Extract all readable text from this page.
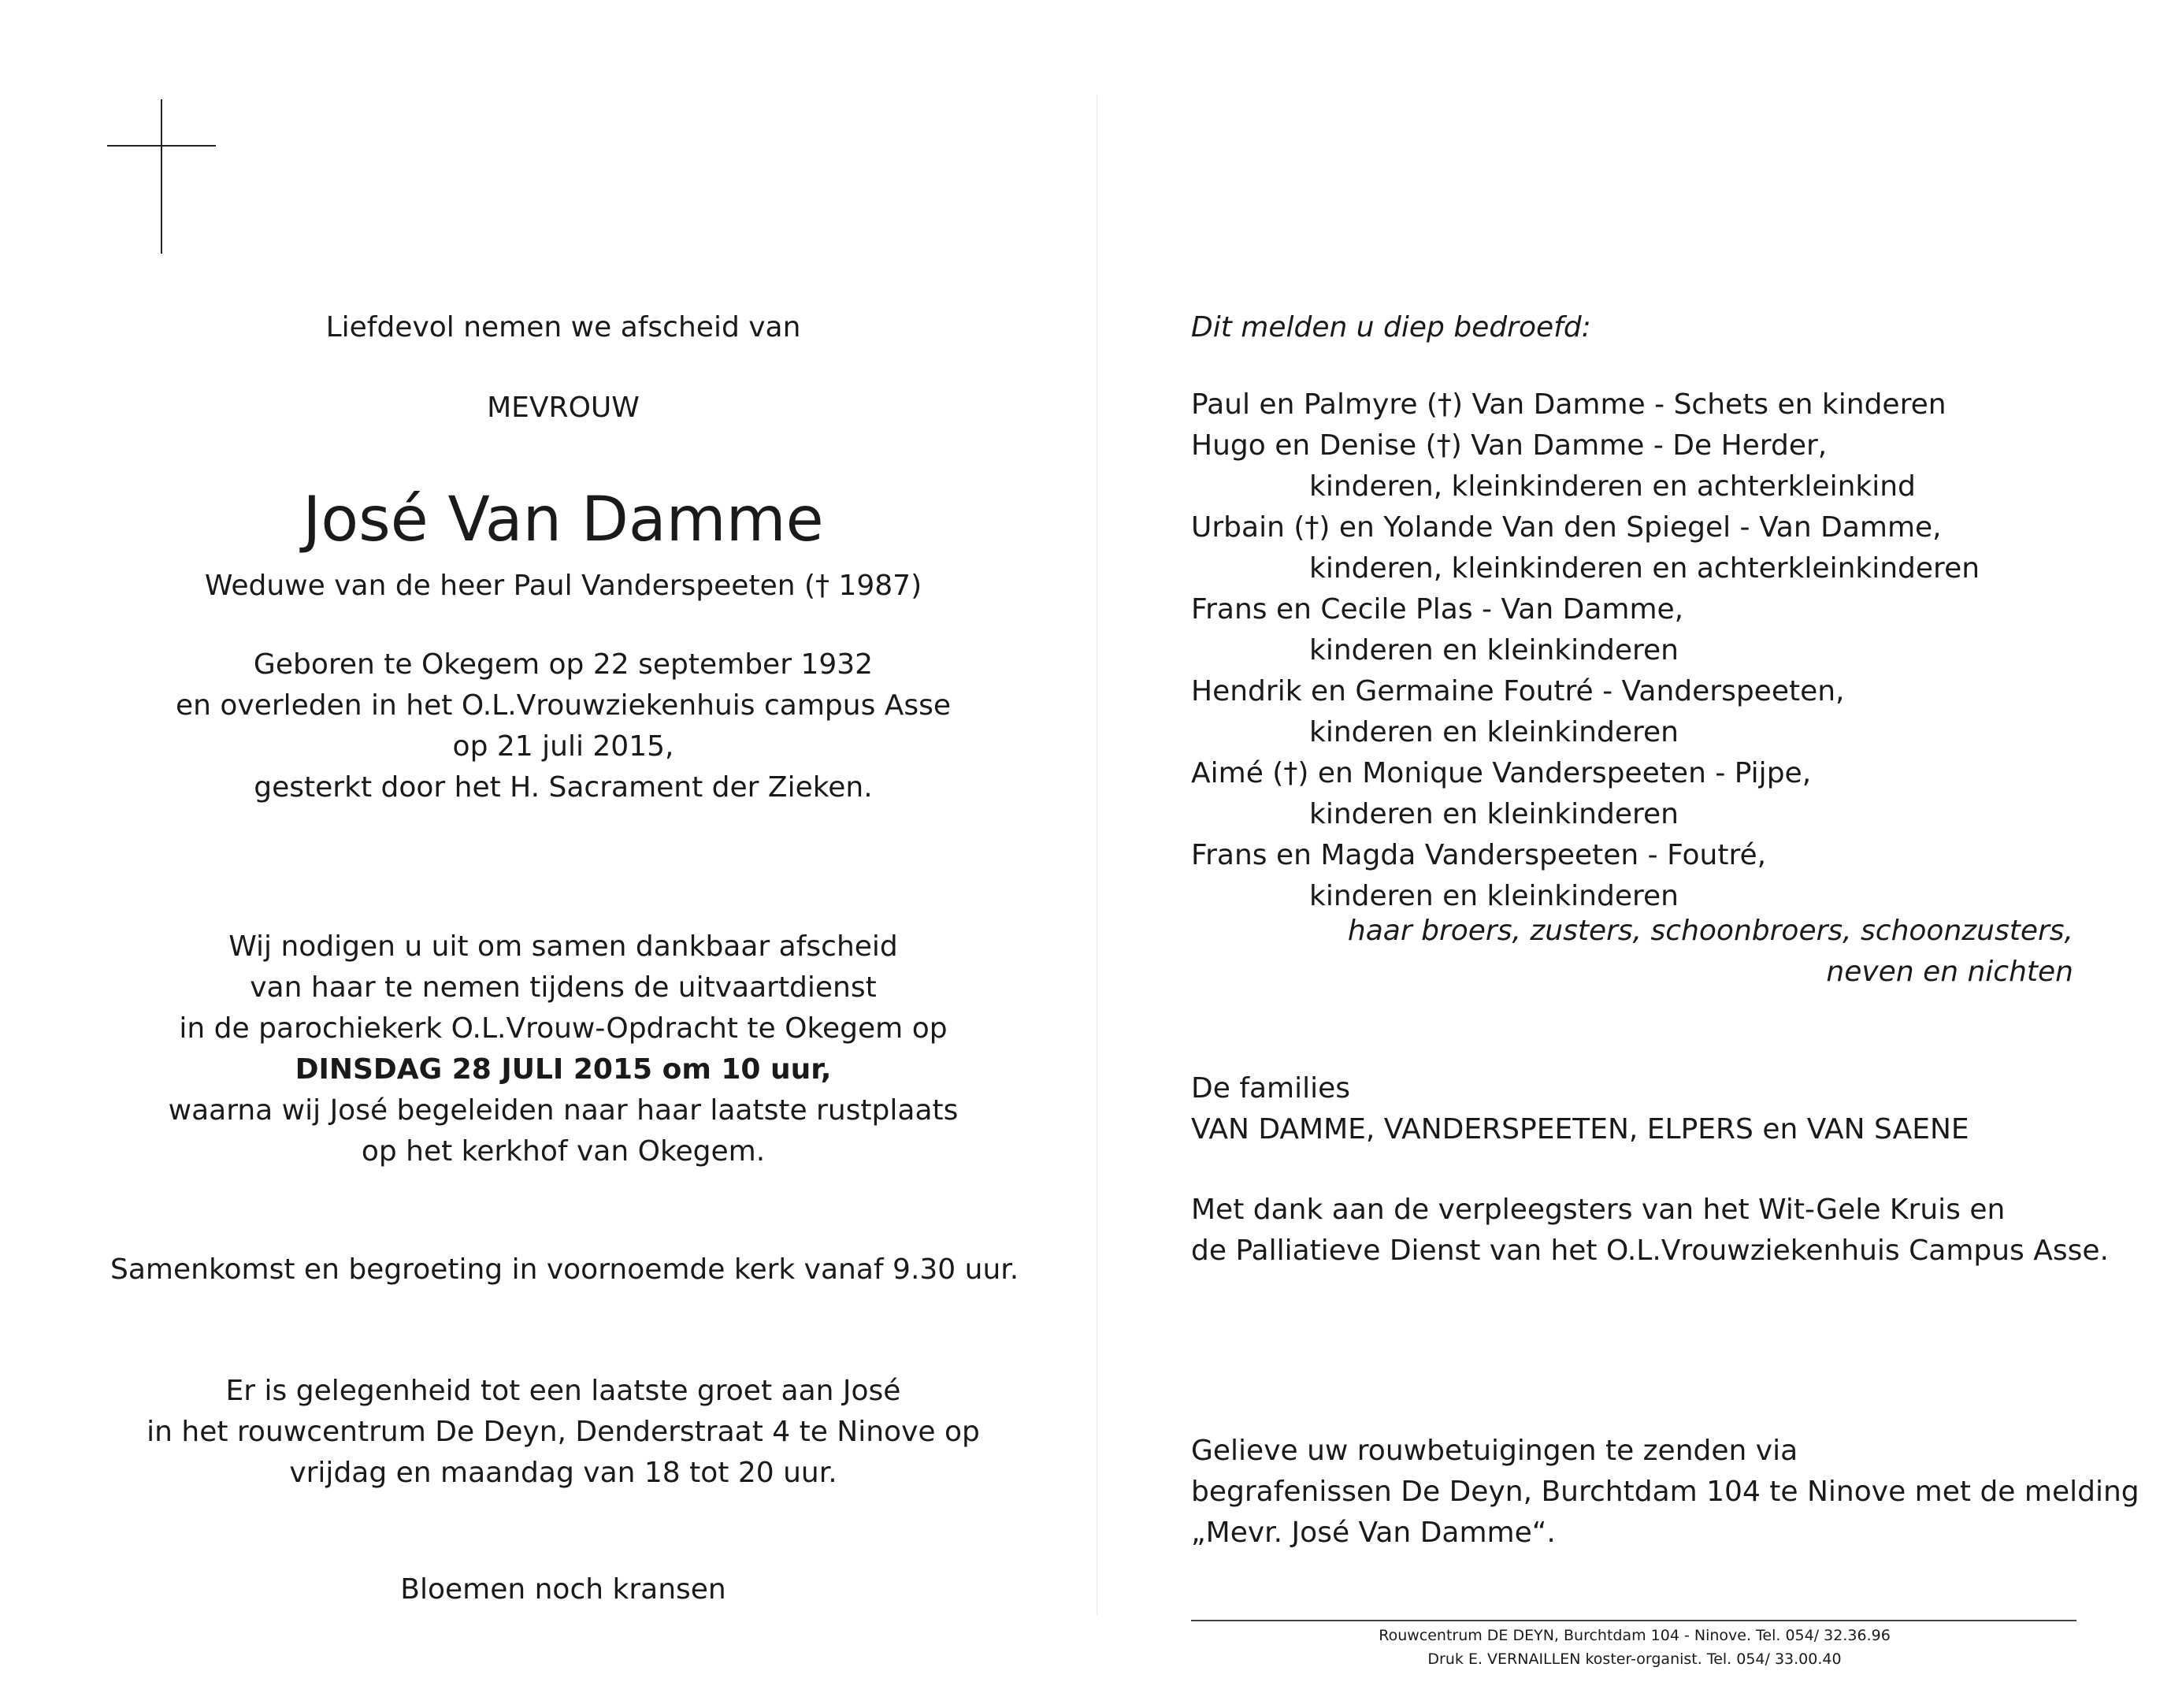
Liefdevol nemen we afscheid van
MEVROUW
José Van Damme
Weduwe van de heer Paul Vanderspeeten († 1987)
Geboren te Okegem op 22 september 1932
en overleden in het O.L.Vrouwziekenhuis campus Asse
op 21 juli 2015,
gesterkt door het H. Sacrament der Zieken.
Wij nodigen u uit om samen dankbaar afscheid
van haar te nemen tijdens de uitvaartdienst
in de parochiekerk O.L.Vrouw-Opdracht te Okegem op
DINSDAG 28 JULI 2015 om 10 uur,
waarna wij José begeleiden naar haar laatste rustplaats
op het kerkhof van Okegem.
Samenkomst en begroeting in voornoemde kerk vanaf 9.30 uur.
Er is gelegenheid tot een laatste groet aan José
in het rouwcentrum De Deyn, Denderstraat 4 te Ninove op
vrijdag en maandag van 18 tot 20 uur.
Bloemen noch kransen
Dit melden u diep bedroefd:
Paul en Palmyre (†) Van Damme - Schets en kinderen
Hugo en Denise (†) Van Damme - De Herder,
kinderen, kleinkinderen en achterkleinkind
Urbain (†) en Yolande Van den Spiegel - Van Damme,
kinderen, kleinkinderen en achterkleinkinderen
Frans en Cecile Plas - Van Damme,
kinderen en kleinkinderen
Hendrik en Germaine Foutré - Vanderspeeten,
kinderen en kleinkinderen
Aimé (†) en Monique Vanderspeeten - Pijpe,
kinderen en kleinkinderen
Frans en Magda Vanderspeeten - Foutré,
kinderen en kleinkinderen
haar broers, zusters, schoonbroers, schoonzusters,
neven en nichten
De families
VAN DAMME, VANDERSPEETEN, ELPERS en VAN SAENE
Met dank aan de verpleegsters van het Wit-Gele Kruis en
de Palliatieve Dienst van het O.L.Vrouwziekenhuis Campus Asse.
Gelieve uw rouwbetuigingen te zenden via
begrafenissen De Deyn, Burchtdam 104 te Ninove met de melding
„Mevr. José Van Damme“.
Rouwcentrum DE DEYN, Burchtdam 104 - Ninove. Tel. 054/ 32.36.96
Druk E. VERNAILLEN koster-organist. Tel. 054/ 33.00.40
